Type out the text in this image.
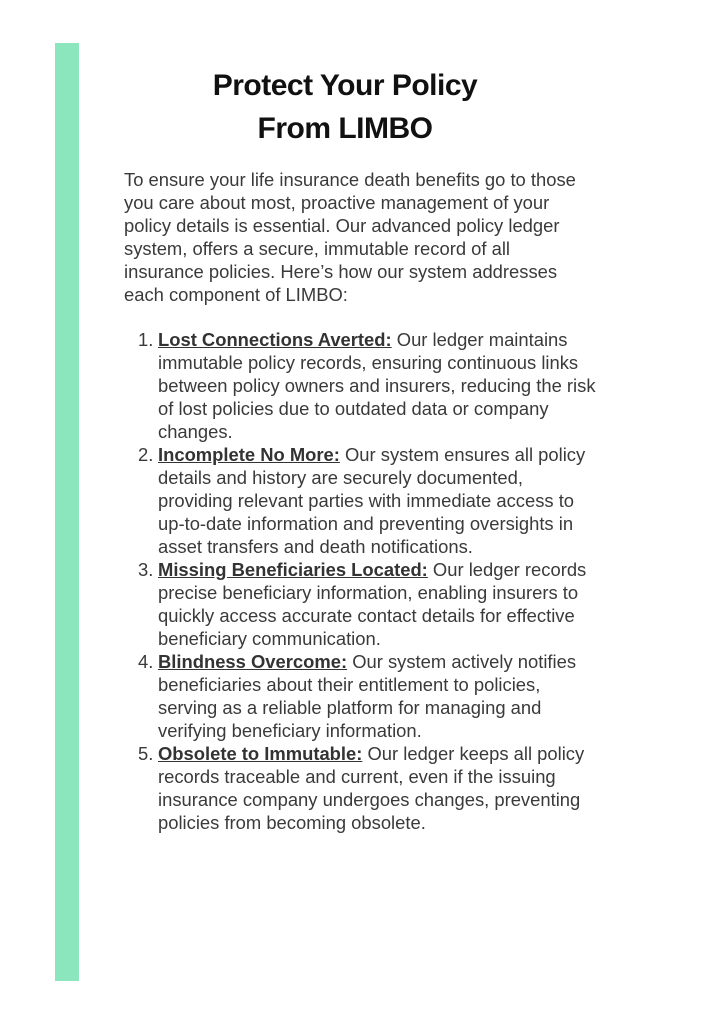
Protect Your Policy
From LIMBO

To ensure your life insurance death benefits go to those you care about most, proactive management of your policy details is essential. Our advanced policy ledger system, offers a secure, immutable record of all insurance policies. Here’s how our system addresses each component of LIMBO:

1. Lost Connections Averted: Our ledger maintains immutable policy records, ensuring continuous links between policy owners and insurers, reducing the risk of lost policies due to outdated data or company changes.
2. Incomplete No More: Our system ensures all policy details and history are securely documented, providing relevant parties with immediate access to up-to-date information and preventing oversights in asset transfers and death notifications.
3. Missing Beneficiaries Located: Our ledger records precise beneficiary information, enabling insurers to quickly access accurate contact details for effective beneficiary communication.
4. Blindness Overcome: Our system actively notifies beneficiaries about their entitlement to policies, serving as a reliable platform for managing and verifying beneficiary information.
5. Obsolete to Immutable: Our ledger keeps all policy records traceable and current, even if the issuing insurance company undergoes changes, preventing policies from becoming obsolete.
